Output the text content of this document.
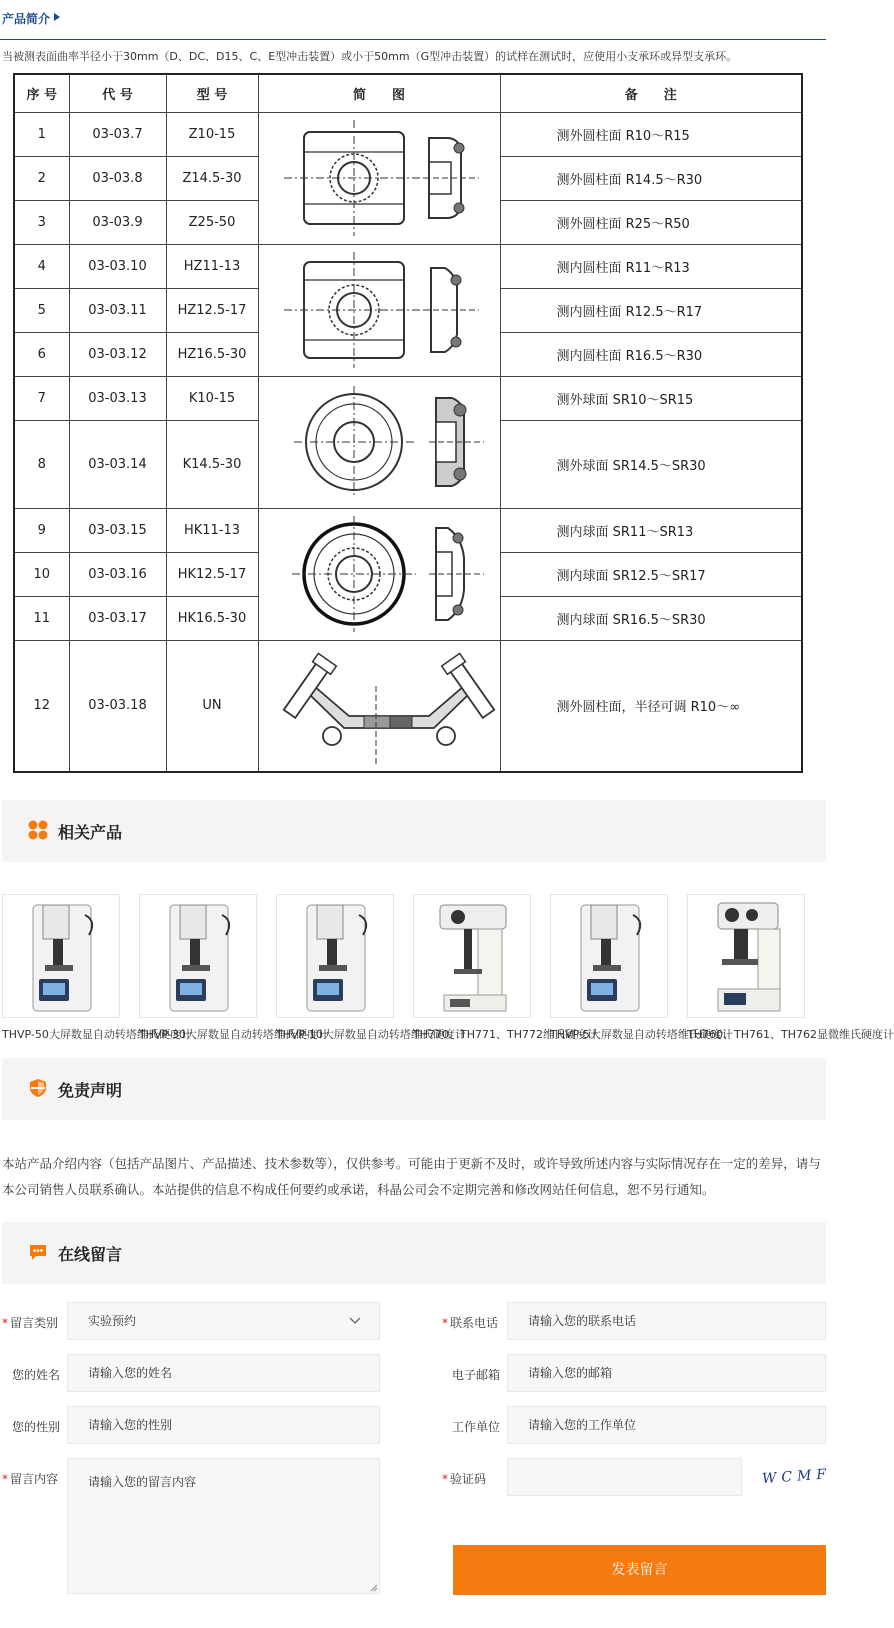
产品简介
当被测表面曲率半径小于30mm（D、DC、D15、C、E型冲击装置）或小于50mm（G型冲击装置）的试样在测试时，应使用小支承环或异型支承环。
序 号	代 号	型 号	简　　图	备　　注
1	03-03.7	Z10-15		测外圆柱面 R10～R15
2	03-03.8	Z14.5-30		测外圆柱面 R14.5～R30
3	03-03.9	Z25-50		测外圆柱面 R25～R50
4	03-03.10	HZ11-13		测内圆柱面 R11～R13
5	03-03.11	HZ12.5-17		测内圆柱面 R12.5～R17
6	03-03.12	HZ16.5-30		测内圆柱面 R16.5～R30
7	03-03.13	K10-15		测外球面 SR10～SR15
8	03-03.14	K14.5-30		测外球面 SR14.5～SR30
9	03-03.15	HK11-13		测内球面 SR11～SR13
10	03-03.16	HK12.5-17		测内球面 SR12.5～SR17
11	03-03.17	HK16.5-30		测内球面 SR16.5～SR30
12	03-03.18	UN		测外圆柱面，半径可调 R10～∞
相关产品
THVP-50大屏数显自动转塔维氏硬度计
THVP-30大屏数显自动转塔维氏硬度计
THVP-10大屏数显自动转塔维氏硬度计
TH770、TH771、TH772维氏硬度计
THVP-5大屏数显自动转塔维氏硬度计
TH760、TH761、TH762显微维氏硬度计
免责声明
本站产品介绍内容（包括产品图片、产品描述、技术参数等），仅供参考。可能由于更新不及时，或许导致所述内容与实际情况存在一定的差异，请与本公司销售人员联系确认。本站提供的信息不构成任何要约或承诺，科晶公司会不定期完善和修改网站任何信息，恕不另行通知。
在线留言
* 留言类别	实验预约	* 联系电话	请输入您的联系电话
您的姓名	请输入您的姓名	电子邮箱	请输入您的邮箱
您的性别	请输入您的性别	工作单位	请输入您的工作单位
* 留言内容	请输入您的留言内容	* 验证码	WCMF
发表留言
